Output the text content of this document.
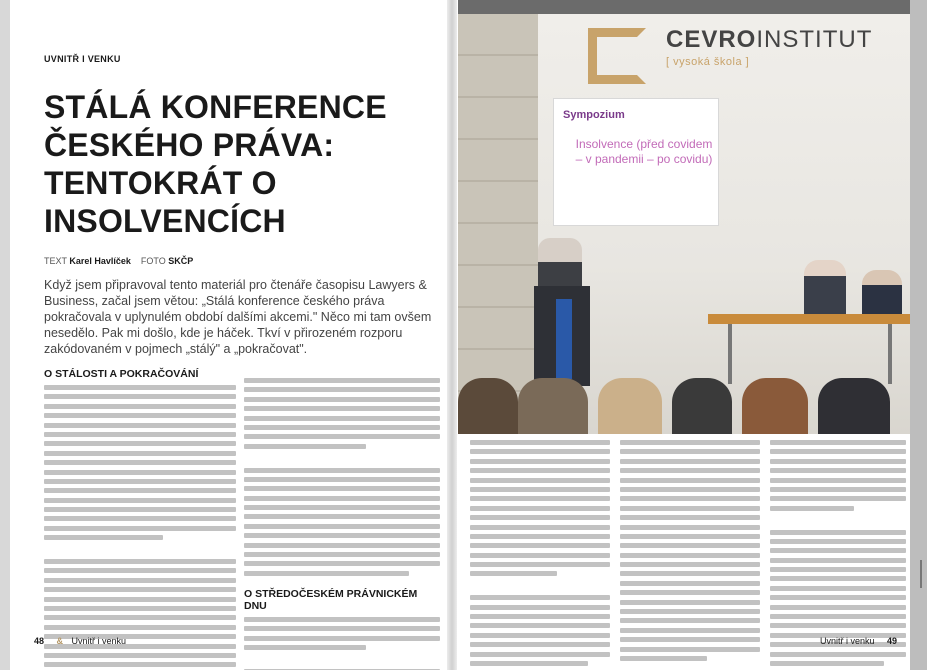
UVNITŘ I VENKU
STÁLÁ KONFERENCE ČESKÉHO PRÁVA: TENTOKRÁT O INSOLVENCÍCH
TEXT Karel Havlíček FOTO SKČP

Když jsem připravoval tento materiál pro čtenáře časopisu Lawyers & Business, začal jsem větou: „Stálá konference českého práva pokračovala v uplynulém období dalšími akcemi." Něco mi tam ovšem nesedělo. Pak mi došlo, kde je háček. Tkví v přirozeném rozporu zakódovaném v pojmech „stálý" a „pokračovat".

O STÁLOSTI A POKRAČOVÁNÍ
O STŘEDOČESKÉM PRÁVNICKÉM DNU
48 & Uvnitř i venku
CEVROINSTITUT
[ vysoká škola ]
Sympozium
Insolvence (před covidem – v pandemii – po covidu)
Uvnitř i venku 49
